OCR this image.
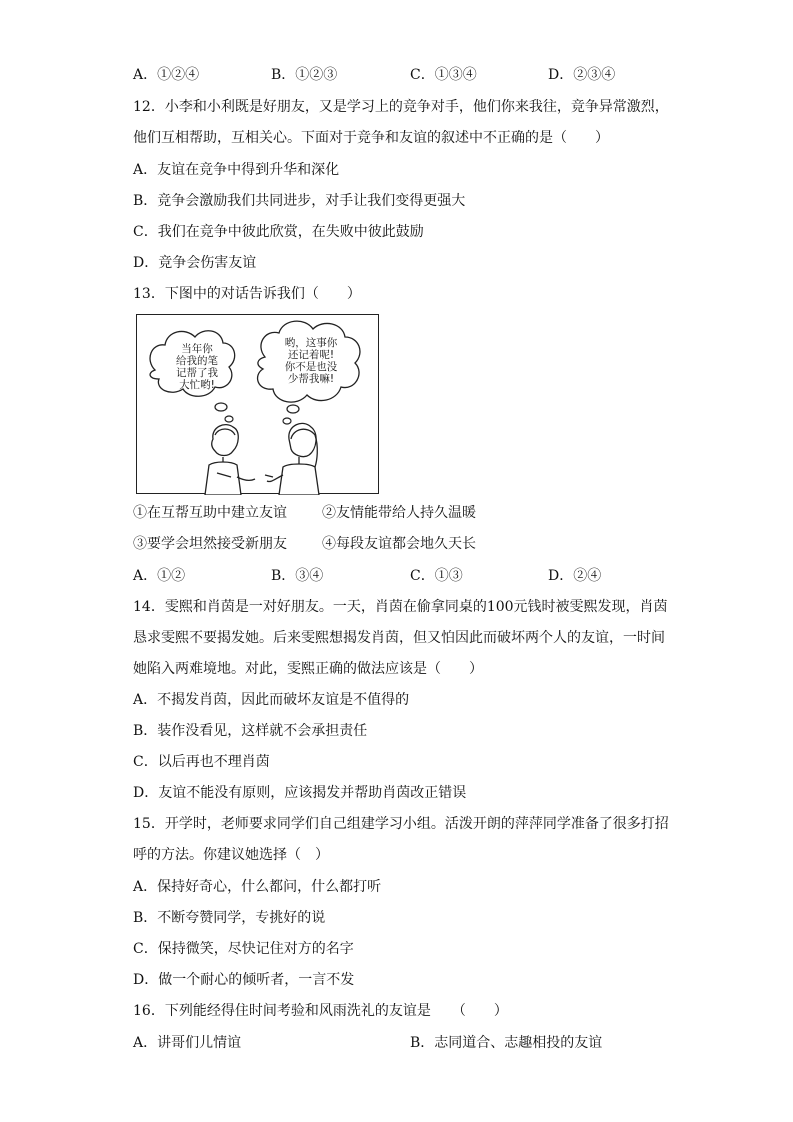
A．①②④	B．①②③	C．①③④	D．②③④
12．小李和小利既是好朋友，又是学习上的竞争对手，他们你来我往，竞争异常激烈，
他们互相帮助，互相关心。下面对于竞争和友谊的叙述中不正确的是（　　）
A．友谊在竞争中得到升华和深化
B．竞争会激励我们共同进步，对手让我们变得更强大
C．我们在竞争中彼此欣赏，在失败中彼此鼓励
D．竞争会伤害友谊
13．下图中的对话告诉我们（　　）
当年你
给我的笔
记帮了我
大忙哟!
哟，这事你
还记着呢!
你不是也没
少帮我嘛!
①在互帮互助中建立友谊	②友情能带给人持久温暖
③要学会坦然接受新朋友	④每段友谊都会地久天长
A．①②	B．③④	C．①③	D．②④
14．雯熙和肖茵是一对好朋友。一天，肖茵在偷拿同桌的100元钱时被雯熙发现，肖茵
恳求雯熙不要揭发她。后来雯熙想揭发肖茵，但又怕因此而破坏两个人的友谊，一时间
她陷入两难境地。对此，雯熙正确的做法应该是（　　）
A．不揭发肖茵，因此而破坏友谊是不值得的
B．装作没看见，这样就不会承担责任
C．以后再也不理肖茵
D．友谊不能没有原则，应该揭发并帮助肖茵改正错误
15．开学时，老师要求同学们自己组建学习小组。活泼开朗的萍萍同学准备了很多打招
呼的方法。你建议她选择（　）
A．保持好奇心，什么都问，什么都打听
B．不断夸赞同学，专挑好的说
C．保持微笑，尽快记住对方的名字
D．做一个耐心的倾听者，一言不发
16．下列能经得住时间考验和风雨洗礼的友谊是　　（　　）
A．讲哥们儿情谊	B．志同道合、志趣相投的友谊
